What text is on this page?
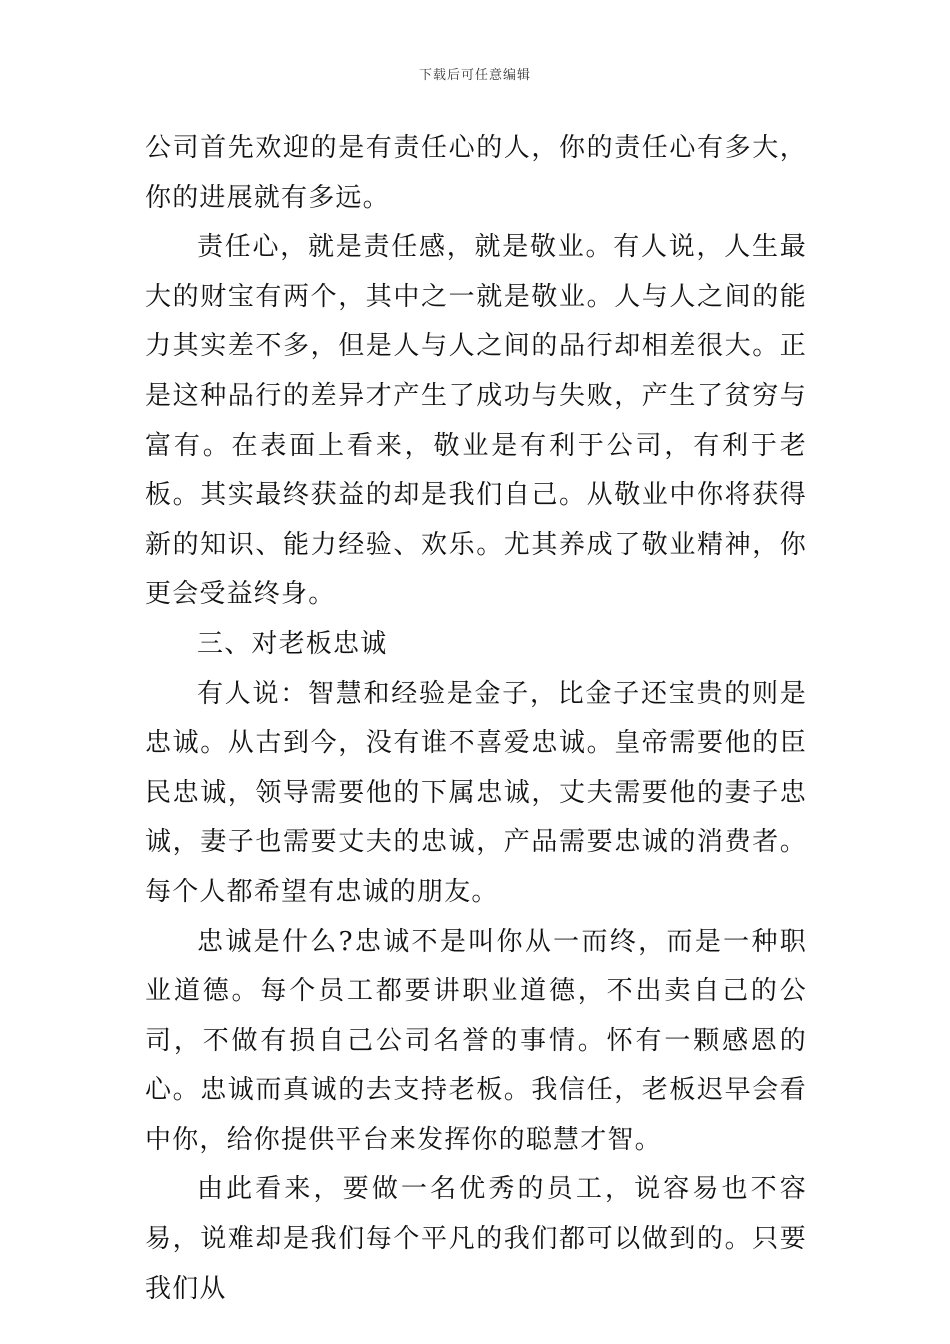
下载后可任意编辑

公司首先欢迎的是有责任心的人，你的责任心有多大，你的进展就有多远。

责任心，就是责任感，就是敬业。有人说，人生最大的财宝有两个，其中之一就是敬业。人与人之间的能力其实差不多，但是人与人之间的品行却相差很大。正是这种品行的差异才产生了成功与失败，产生了贫穷与富有。在表面上看来，敬业是有利于公司，有利于老板。其实最终获益的却是我们自己。从敬业中你将获得新的知识、能力经验、欢乐。尤其养成了敬业精神，你更会受益终身。

三、对老板忠诚

有人说：智慧和经验是金子，比金子还宝贵的则是忠诚。从古到今，没有谁不喜爱忠诚。皇帝需要他的臣民忠诚，领导需要他的下属忠诚，丈夫需要他的妻子忠诚，妻子也需要丈夫的忠诚，产品需要忠诚的消费者。每个人都希望有忠诚的朋友。

忠诚是什么?忠诚不是叫你从一而终，而是一种职业道德。每个员工都要讲职业道德，不出卖自己的公司，不做有损自己公司名誉的事情。怀有一颗感恩的心。忠诚而真诚的去支持老板。我信任，老板迟早会看中你，给你提供平台来发挥你的聪慧才智。

由此看来，要做一名优秀的员工，说容易也不容易，说难却是我们每个平凡的我们都可以做到的。只要我们从
